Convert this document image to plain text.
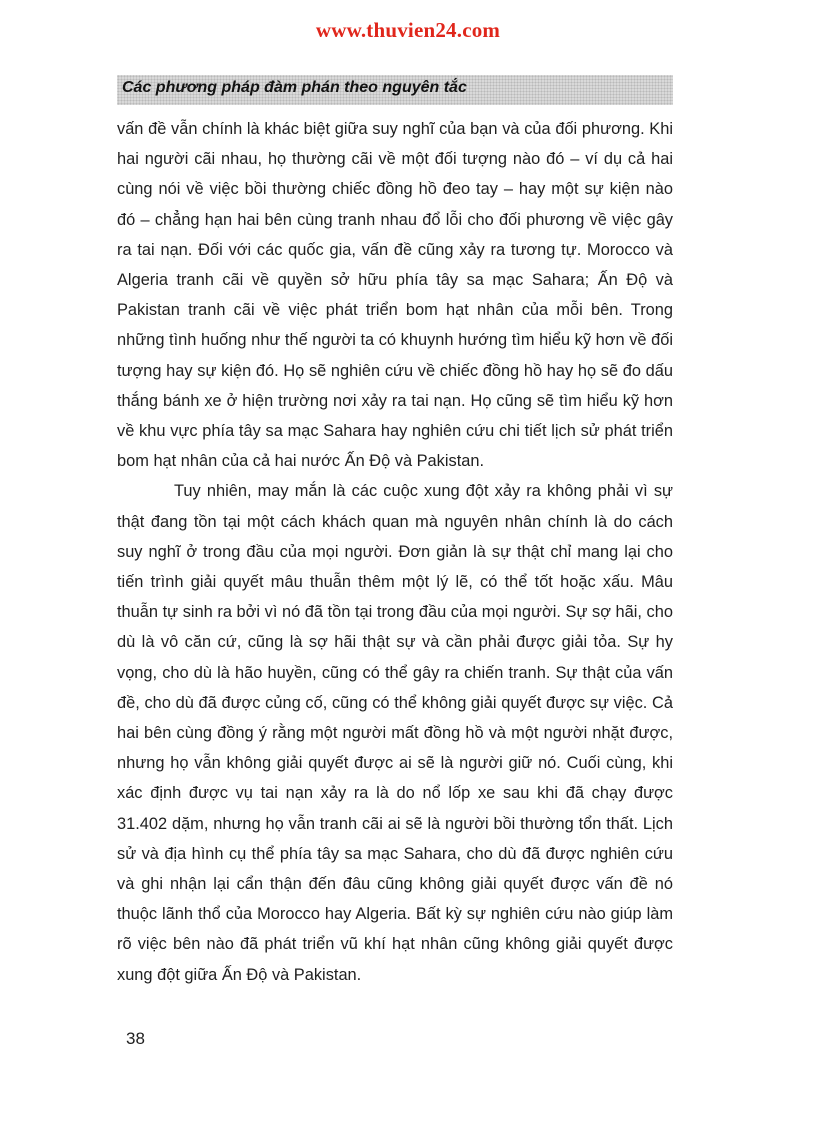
www.thuvien24.com
Các phương pháp đàm phán theo nguyên tắc

vấn đề vẫn chính là khác biệt giữa suy nghĩ của bạn và của đối phương. Khi hai người cãi nhau, họ thường cãi về một đối tượng nào đó – ví dụ cả hai cùng nói về việc bồi thường chiếc đồng hồ đeo tay – hay một sự kiện nào đó – chẳng hạn hai bên cùng tranh nhau đổ lỗi cho đối phương về việc gây ra tai nạn. Đối với các quốc gia, vấn đề cũng xảy ra tương tự. Morocco và Algeria tranh cãi về quyền sở hữu phía tây sa mạc Sahara; Ấn Độ và Pakistan tranh cãi về việc phát triển bom hạt nhân của mỗi bên. Trong những tình huống như thế người ta có khuynh hướng tìm hiểu kỹ hơn về đối tượng hay sự kiện đó. Họ sẽ nghiên cứu về chiếc đồng hồ hay họ sẽ đo dấu thắng bánh xe ở hiện trường nơi xảy ra tai nạn. Họ cũng sẽ tìm hiểu kỹ hơn về khu vực phía tây sa mạc Sahara hay nghiên cứu chi tiết lịch sử phát triển bom hạt nhân của cả hai nước Ấn Độ và Pakistan.

Tuy nhiên, may mắn là các cuộc xung đột xảy ra không phải vì sự thật đang tồn tại một cách khách quan mà nguyên nhân chính là do cách suy nghĩ ở trong đầu của mọi người. Đơn giản là sự thật chỉ mang lại cho tiến trình giải quyết mâu thuẫn thêm một lý lẽ, có thể tốt hoặc xấu. Mâu thuẫn tự sinh ra bởi vì nó đã tồn tại trong đầu của mọi người. Sự sợ hãi, cho dù là vô căn cứ, cũng là sợ hãi thật sự và cần phải được giải tỏa. Sự hy vọng, cho dù là hão huyền, cũng có thể gây ra chiến tranh. Sự thật của vấn đề, cho dù đã được củng cố, cũng có thể không giải quyết được sự việc. Cả hai bên cùng đồng ý rằng một người mất đồng hồ và một người nhặt được, nhưng họ vẫn không giải quyết được ai sẽ là người giữ nó. Cuối cùng, khi xác định được vụ tai nạn xảy ra là do nổ lốp xe sau khi đã chạy được 31.402 dặm, nhưng họ vẫn tranh cãi ai sẽ là người bồi thường tổn thất. Lịch sử và địa hình cụ thể phía tây sa mạc Sahara, cho dù đã được nghiên cứu và ghi nhận lại cẩn thận đến đâu cũng không giải quyết được vấn đề nó thuộc lãnh thổ của Morocco hay Algeria. Bất kỳ sự nghiên cứu nào giúp làm rõ việc bên nào đã phát triển vũ khí hạt nhân cũng không giải quyết được xung đột giữa Ấn Độ và Pakistan.

38
